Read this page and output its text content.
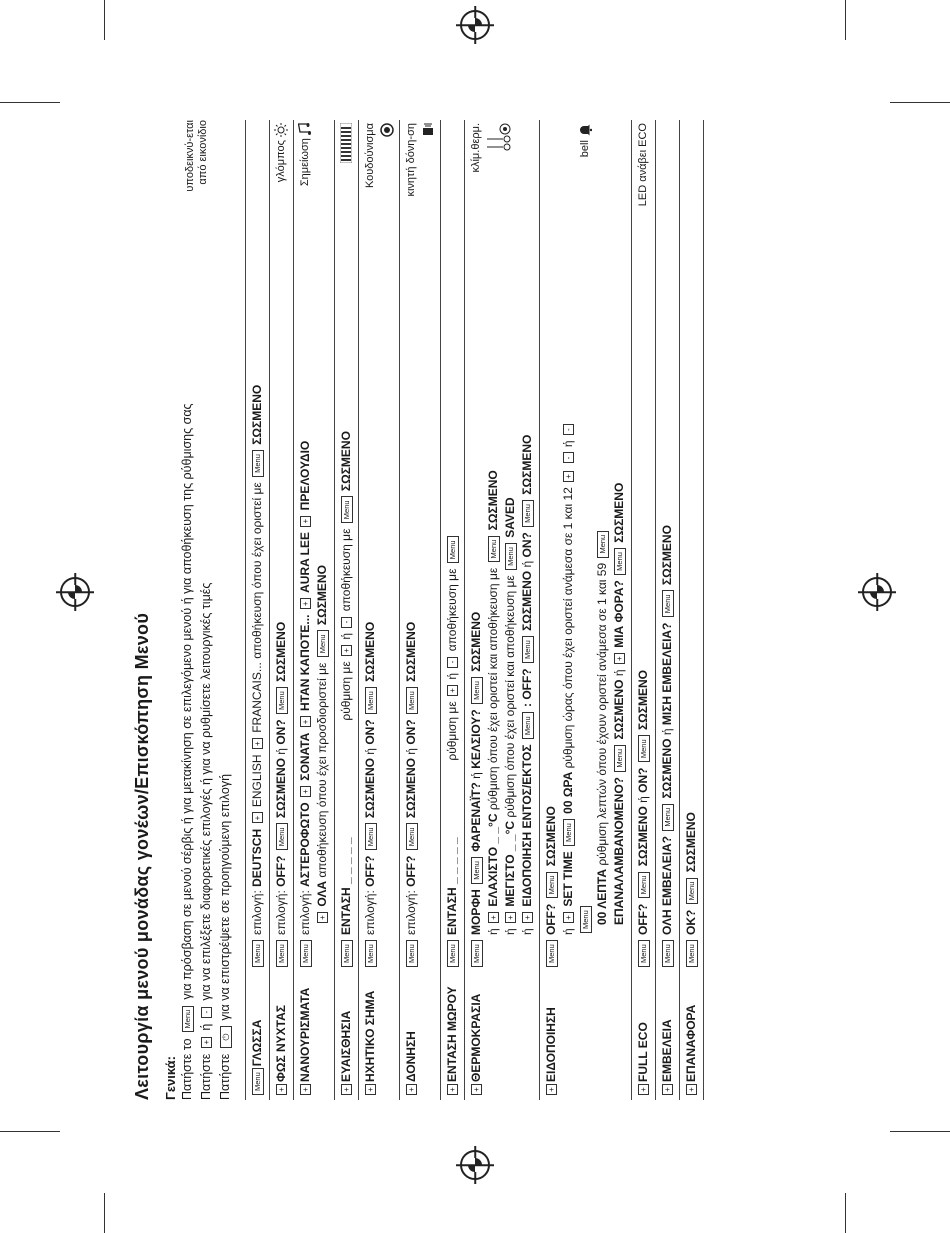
Λειτουργία μενού μονάδας γονέων/Επισκόπηση Μενού Γενικά: Πατήστε το
Menu
για πρόσβαση σε μενού σέρβις ή για μετακίνηση σε επιλεγόμενο μενού ή για αποθήκευση της ρύθμισης σας
Πατήστε
+
ή
-
για να επιλέξετε διαφορετικές επιλογές ή για να ρυθμίσετε λειτουργικές τιμές
Πατήστε
⏻
για να επιστρέψετε σε προηγούμενη επιλογή
υποδεικνύ-εται από εικονίδιο
MenuΓΛΩΣΣΑ	Menu	επιλογή: DEUTSCH + ENGLISH + FRANCAIS... αποθήκευση όπου έχει οριστεί με Menu ΣΩΣΜΕΝΟ	
+ΦΩΣ ΝΥΧΤΑΣ	Menu	επιλογή: OFF? Menu ΣΩΣΜΕΝΟ ή ON? Menu ΣΩΣΜΕΝΟ	γλόμπος
+ΝΑΝΟΥΡΙΣΜΑΤΑ	Menu	επιλογή: ΑΣΤΕΡΟΦΩΤΟ + ΣΟΝΑΤΑ + ΗΤΑΝ ΚΑΠΟΤΕ... + AURA LEE + ΠΡΕΛΟΥΔΙΟ
+ ΟΛΑ αποθήκευση όπου έχει προσδιοριστεί με Menu ΣΩΣΜΕΝΟ	Σημείωση
+ΕΥΑΙΣΘΗΣΙΑ	Menu	ΕΝΤΑΣΗ _ _ _ _ _  ρύθμιση με + ή - αποθήκευση με Menu ΣΩΣΜΕΝΟ	
+ΗΧΗΤΙΚΟ ΣΗΜΑ	Menu	επιλογή: OFF? Menu ΣΩΣΜΕΝΟ ή ON? Menu ΣΩΣΜΕΝΟ	Κουδούνισμα

+ΔΟΝΗΣΗ	Menu	επιλογή: OFF? Menu ΣΩΣΜΕΝΟ ή ON? Menu ΣΩΣΜΕΝΟ	κινητή δόνη-ση
+ΕΝΤΑΣΗ ΜΩΡΟΥ	Menu	ΕΝΤΑΣΗ _ _ _ _ _  ρύθμιση με + ή - αποθήκευση με Menu	
+ΘΕΡΜΟΚΡΑΣΙΑ	Menu	ΜΟΡΦΗ Menu ΦΑΡΕΝΑΪΤ? ή ΚΕΛΣΙΟΥ? Menu ΣΩΣΜΕΝΟ
ή + ΕΛΑΧΙΣΤΟ _ _°C ρύθμιση όπου έχει οριστεί και αποθήκευση με Menu ΣΩΣΜΕΝΟ
ή + ΜΕΓΙΣΤΟ _ _°C ρύθμιση όπου έχει οριστεί και αποθήκευση με Menu SAVED
ή + ΕΙΔΟΠΟΙΗΣΗ ΕΝΤΟΣ/ΕΚΤΟΣ Menu : OFF? Menu ΣΩΣΜΕΝΟ ή ON? Menu ΣΩΣΜΕΝΟ	κλίμ.θερμ.

+ΕΙΔΟΠΟΙΗΣΗ	Menu	OFF? Menu ΣΩΣΜΕΝΟ
ή + SET TIME Menu 00 ΩΡΑ ρύθμιση ώρας όπου έχει οριστεί ανάμεσα σε 1 και 12 + - ή -
Menu 00 ΛΕΠΤΑ ρύθμιση λεπτών όπου έχουν οριστεί ανάμεσα σε 1 και 59 Menu
ΕΠΑΝΑΛΑΜΒΑΝΟΜΕΝΟ? Menu ΣΩΣΜΕΝΟ ή + ΜΙΑ ΦΟΡΑ? Menu ΣΩΣΜΕΝΟ	bell
+FULL ECO	Menu	OFF? Menu ΣΩΣΜΕΝΟ ή ON? Menu ΣΩΣΜΕΝΟ	LED ανάβει ECO
+ΕΜΒΕΛΕΙΑ	Menu	ΟΛΗ ΕΜΒΕΛΕΙΑ? Menu ΣΩΣΜΕΝΟ ή ΜΙΣΗ ΕΜΒΕΛΕΙΑ? Menu ΣΩΣΜΕΝΟ	
+ΕΠΑΝΑΦΟΡΑ	Menu	ΟΚ? Menu ΣΩΣΜΕΝΟ	
